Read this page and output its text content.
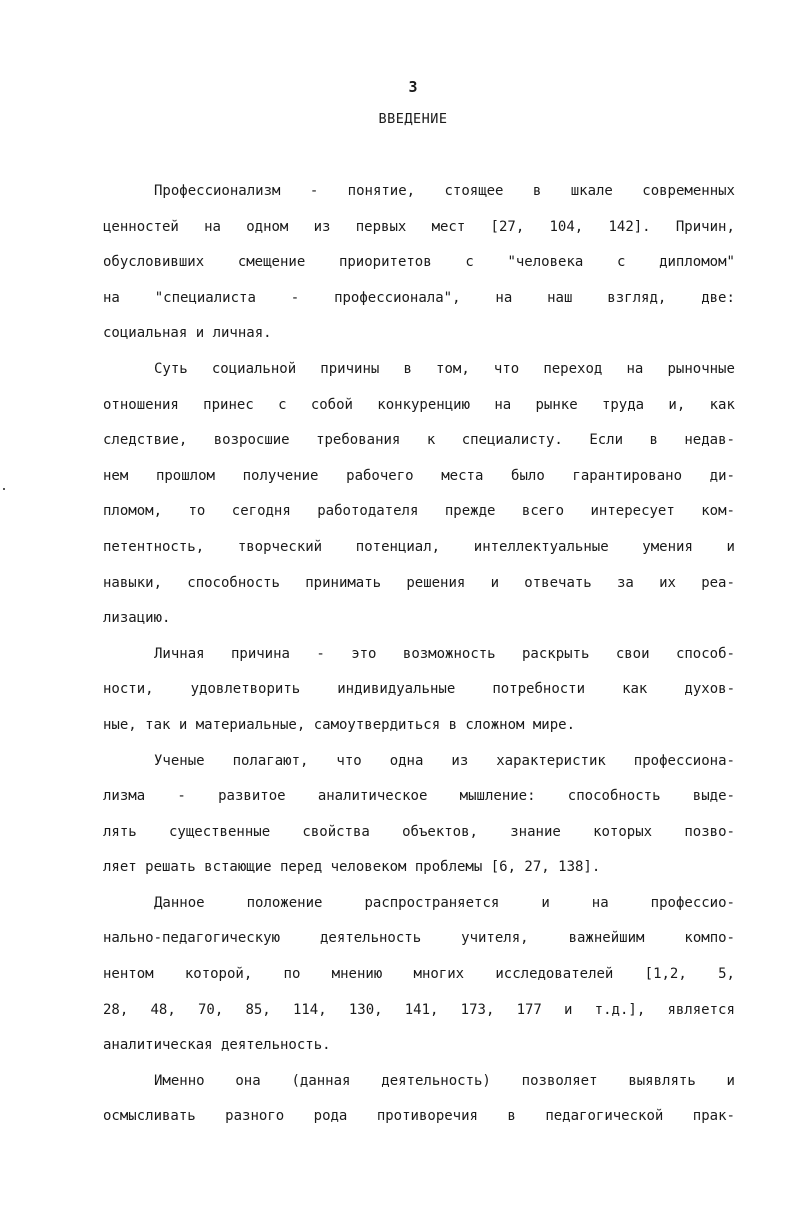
3
ВВЕДЕНИЕ
Профессионализм - понятие, стоящее в шкале современных
ценностей на одном из первых мест [27, 104, 142]. Причин,
обусловивших смещение приоритетов с "человека с дипломом"
на "специалиста - профессионала", на наш взгляд, две:
социальная и личная.
Суть социальной причины в том, что переход на рыночные
отношения принес с собой конкуренцию на рынке труда и, как
следствие, возросшие требования к специалисту. Если в недав-
нем прошлом получение рабочего места было гарантировано ди-
пломом, то сегодня работодателя прежде всего интересует ком-
петентность, творческий потенциал, интеллектуальные умения и
навыки, способность принимать решения и отвечать за их реа-
лизацию.
Личная причина - это возможность раскрыть свои способ-
ности,	удовлетворить	индивидуальные	потребности	как	духов-
ные, так и материальные, самоутвердиться в сложном мире.
Ученые полагают, что одна из характеристик профессиона-
лизма - развитое аналитическое мышление: способность выде-
лять существенные свойства объектов, знание которых позво-
ляет решать встающие перед человеком проблемы [6, 27, 138].
Данное	положение	распространяется	и	на	профессио-
нально-педагогическую	деятельность	учителя,	важнейшим	компо-
нентом которой, по мнению многих исследователей [1,2, 5,
28, 48, 70, 85, 114, 130, 141, 173, 177 и т.д.], является
аналитическая деятельность.
Именно она (данная деятельность) позволяет выявлять и
осмысливать разного рода противоречия в педагогической прак-
